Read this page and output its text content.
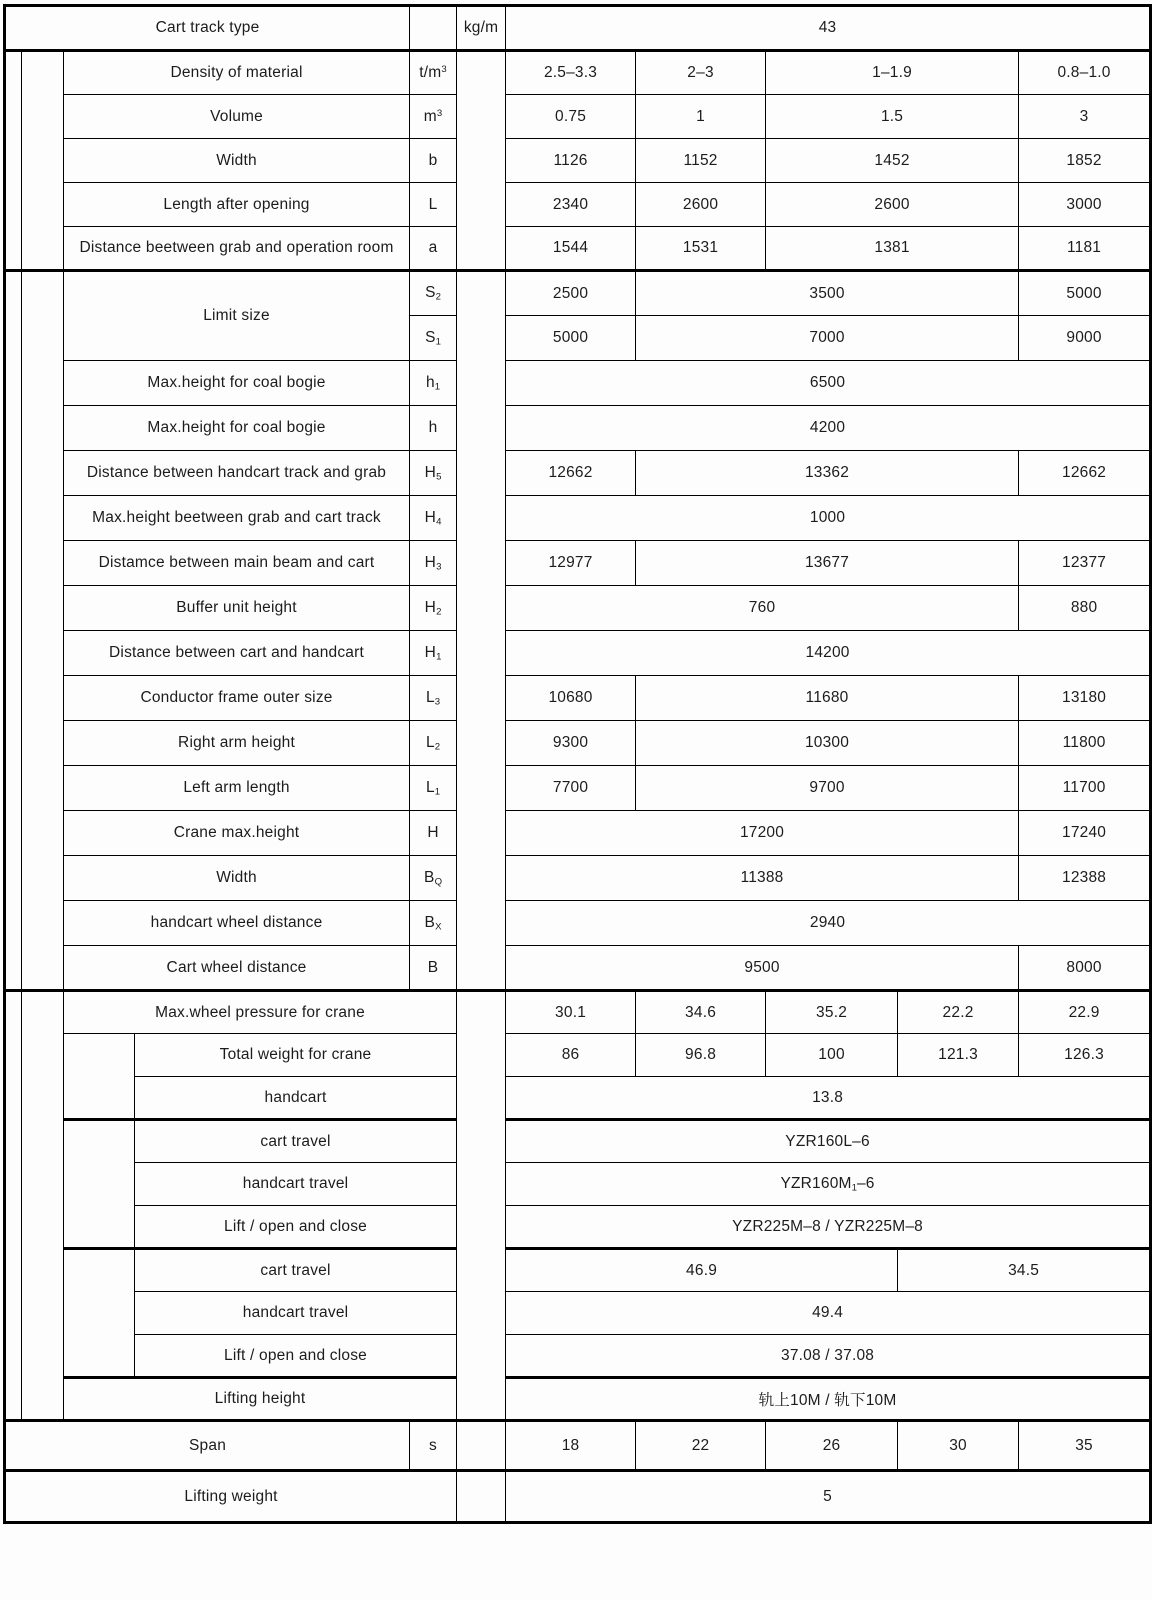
Cart track type					kg/m	43				
		Density of material		$t/m^3$		2.5–3.3	2–3	1–1.9		0.8–1.0
		Volume		$m^3$		0.75	1	1.5		3
		Width		b		1126	1152	1452		1852
		Length after opening		L		2340	2600	2600		3000
		Distance beetween grab and operation room		a		1544	1531	1381		1181
		Limit size		$S_2$		2500	3500			5000
				$S_1$		5000	7000			9000
		Max.height for coal bogie		$h_1$		6500				
		Max.height for coal bogie		h		4200				
		Distance between handcart track and grab		$H_5$		12662	13362			12662
		Max.height beetween grab and cart track		$H_4$		1000				
		Distamce between main beam and cart		$H_3$		12977	13677			12377
		Buffer unit height		$H_2$		760				880
		Distance between cart and handcart		$H_1$		14200				
		Conductor frame outer size		$L_3$		10680	11680			13180
		Right arm height		$L_2$		9300	10300			11800
		Left arm length		$L_1$		7700	9700			11700
		Crane max.height		H		17200				17240
		Width		$B_Q$		11388				12388
		handcart wheel distance		$B_X$		2940				
		Cart wheel distance		B		9500				8000
		Max.wheel pressure for crane				30.1	34.6	35.2	22.2	22.9
			Total weight for crane			86	96.8	100	121.3	126.3
			handcart			13.8				
			cart travel			YZR160L–6				
			handcart travel			$YZR160M_1-6$				
			Lift / open and close			YZR225M–8 / YZR225M–8				
			cart travel			46.9			34.5	
			handcart travel			49.4				
			Lift / open and close			37.08 / 37.08				
		Lifting height				轨上10M / 轨下10M				
Span				s		18	22	26	30	35
Lifting weight						5				
